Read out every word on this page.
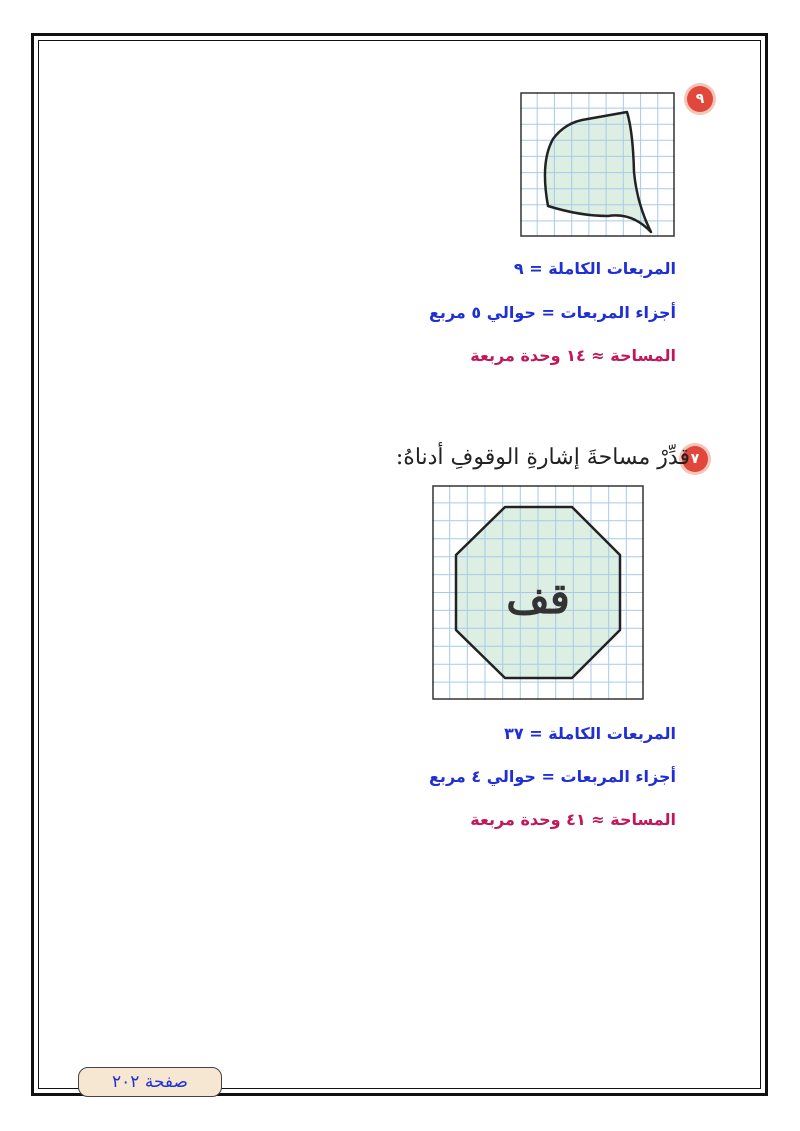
٩
المربعات الكاملة = ٩
أجزاء المربعات = حوالي ٥ مربع
المساحة ≈ ١٤ وحدة مربعة
٧
قدِّرْ مساحةَ إشارةِ الوقوفِ أدناهُ:
قف
المربعات الكاملة = ٣٧
أجزاء المربعات = حوالي ٤ مربع
المساحة ≈ ٤١ وحدة مربعة
صفحة ٢٠٢
